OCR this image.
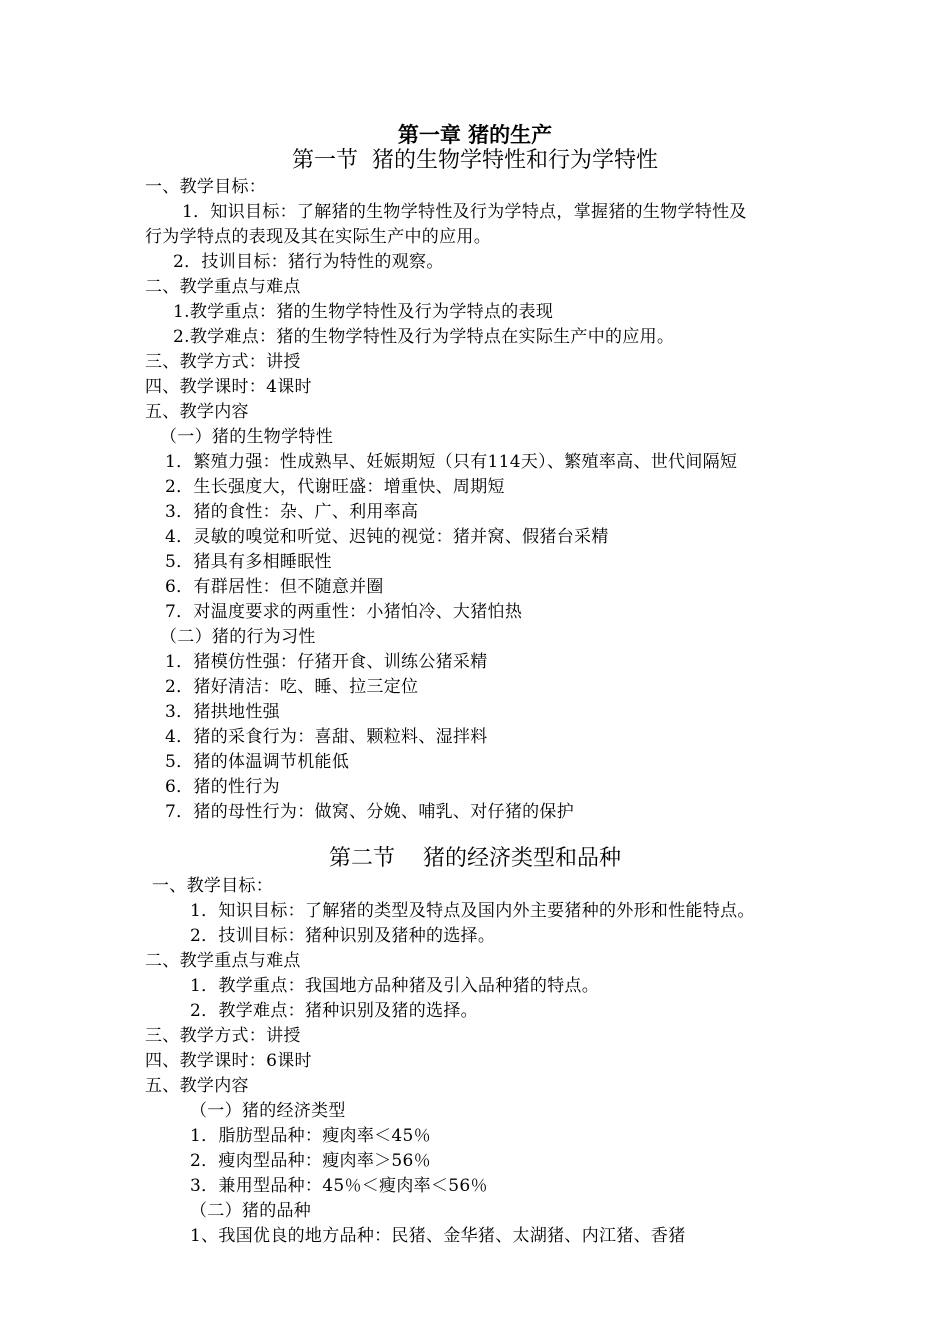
第一章 猪的生产
第一节  猪的生物学特性和行为学特性
一、教学目标：
1．知识目标：了解猪的生物学特性及行为学特点，掌握猪的生物学特性及
行为学特点的表现及其在实际生产中的应用。
2．技训目标：猪行为特性的观察。
二、教学重点与难点
1.教学重点：猪的生物学特性及行为学特点的表现
2.教学难点：猪的生物学特性及行为学特点在实际生产中的应用。
三、教学方式：讲授
四、教学课时：4课时
五、教学内容
（一）猪的生物学特性
1．繁殖力强：性成熟早、妊娠期短（只有114天）、繁殖率高、世代间隔短
2．生长强度大，代谢旺盛：增重快、周期短
3．猪的食性：杂、广、利用率高
4．灵敏的嗅觉和听觉、迟钝的视觉：猪并窝、假猪台采精
5．猪具有多相睡眠性
6．有群居性：但不随意并圈
7．对温度要求的两重性：小猪怕冷、大猪怕热
（二）猪的行为习性
1．猪模仿性强：仔猪开食、训练公猪采精
2．猪好清洁：吃、睡、拉三定位
3．猪拱地性强
4．猪的采食行为：喜甜、颗粒料、湿拌料
5．猪的体温调节机能低
6．猪的性行为
7．猪的母性行为：做窝、分娩、哺乳、对仔猪的保护
第二节    猪的经济类型和品种
一、教学目标：
1．知识目标：了解猪的类型及特点及国内外主要猪种的外形和性能特点。
2．技训目标：猪种识别及猪种的选择。
二、教学重点与难点
1．教学重点：我国地方品种猪及引入品种猪的特点。
2．教学难点：猪种识别及猪的选择。
三、教学方式：讲授
四、教学课时：6课时
五、教学内容
（一）猪的经济类型
1．脂肪型品种：瘦肉率＜45％
2．瘦肉型品种：瘦肉率＞56％
3．兼用型品种：45％＜瘦肉率＜56％
（二）猪的品种
1、我国优良的地方品种：民猪、金华猪、太湖猪、内江猪、香猪
